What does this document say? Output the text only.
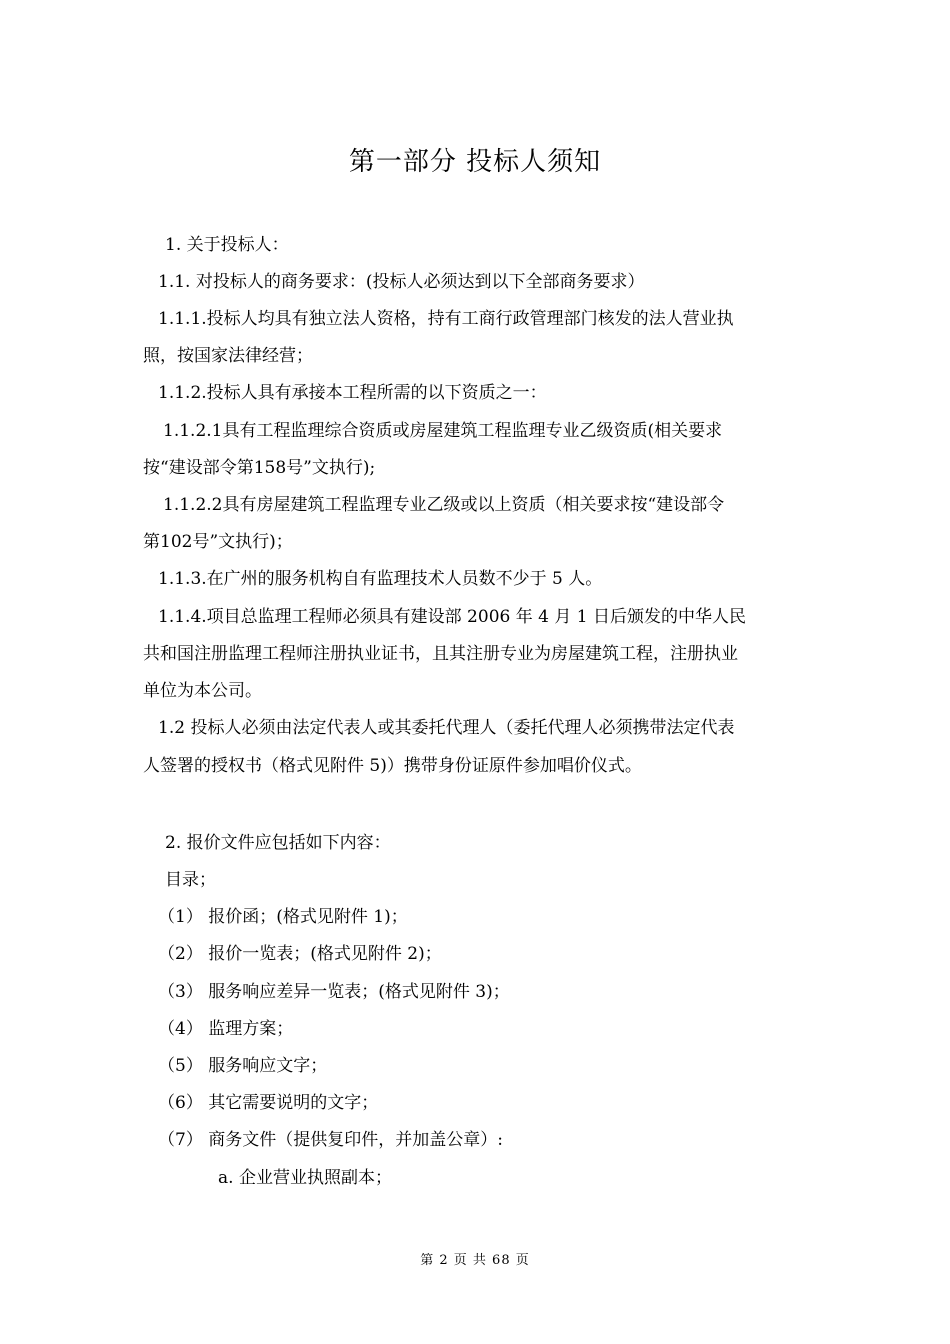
第一部分 投标人须知
1. 关于投标人：
1.1. 对投标人的商务要求：(投标人必须达到以下全部商务要求）
1.1.1.投标人均具有独立法人资格，持有工商行政管理部门核发的法人营业执
照，按国家法律经营；
1.1.2.投标人具有承接本工程所需的以下资质之一：
1.1.2.1具有工程监理综合资质或房屋建筑工程监理专业乙级资质(相关要求
按“建设部令第158号”文执行);
1.1.2.2具有房屋建筑工程监理专业乙级或以上资质（相关要求按“建设部令
第102号”文执行)；
1.1.3.在广州的服务机构自有监理技术人员数不少于 5 人。
1.1.4.项目总监理工程师必须具有建设部 2006 年 4 月 1 日后颁发的中华人民
共和国注册监理工程师注册执业证书，且其注册专业为房屋建筑工程，注册执业
单位为本公司。
1.2 投标人必须由法定代表人或其委托代理人（委托代理人必须携带法定代表
人签署的授权书（格式见附件 5)）携带身份证原件参加唱价仪式。
2. 报价文件应包括如下内容：
目录；
（1） 报价函；(格式见附件 1)；
（2） 报价一览表；(格式见附件 2)；
（3） 服务响应差异一览表；(格式见附件 3)；
（4） 监理方案；
（5） 服务响应文字；
（6） 其它需要说明的文字；
（7） 商务文件（提供复印件，并加盖公章）:
a. 企业营业执照副本；
第 2 页 共 68 页
